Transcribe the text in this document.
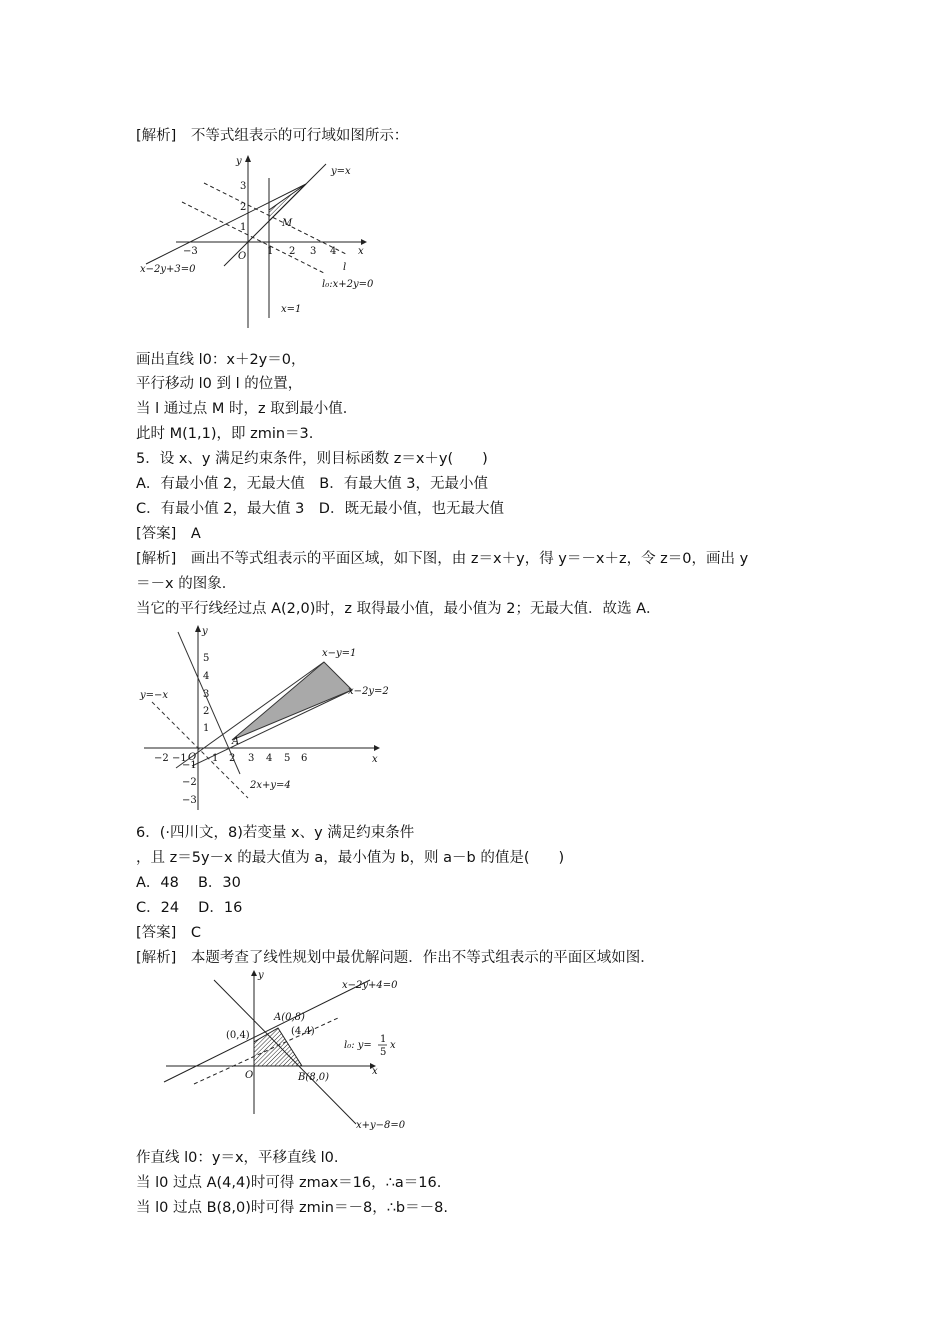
[解析]　不等式组表示的可行域如图所示：
y
x
O
−3	1 2 3 4
3
2
1
y=x
x−2y+3=0	l
l₀:x+2y=0
x=1
M
画出直线 l0：x＋2y＝0，
平行移动 l0 到 l 的位置，
当 l 通过点 M 时，z 取到最小值．
此时 M(1,1)，即 zmin＝3.
5．设 x、y 满足约束条件，则目标函数 z＝x＋y(　　)
A．有最小值 2，无最大值　B．有最大值 3，无最小值
C．有最小值 2，最大值 3　D．既无最小值，也无最大值
[答案]　A
[解析]　画出不等式组表示的平面区域，如下图，由 z＝x＋y，得 y＝－x＋z，令 z＝0，画出 y
＝－x 的图象．
当它的平行线经过点 A(2,0)时，z 取得最小值，最小值为 2；无最大值．故选 A．
y
x
O
−2 −1	1 2 3 4 5 6
5
4
3
2
1
−1
−2
−3
x−y=1
x−2y=2
y=−x
2x+y=4
A
6．(·四川文，8)若变量 x、y 满足约束条件
，且 z＝5y－x 的最大值为 a，最小值为 b，则 a－b 的值是(　　)
A．48　 B．30
C．24　 D．16
[答案]　C
[解析]　本题考查了线性规划中最优解问题．作出不等式组表示的平面区域如图．
y
x
O
A(0,8)
(4,4)
(0,4)
B(8,0)
x−2y+4=0
x+y−8=0
l₀: y=
1
5
x
作直线 l0：y＝x，平移直线 l0.
当 l0 过点 A(4,4)时可得 zmax＝16，∴a＝16.
当 l0 过点 B(8,0)时可得 zmin＝－8，∴b＝－8.
